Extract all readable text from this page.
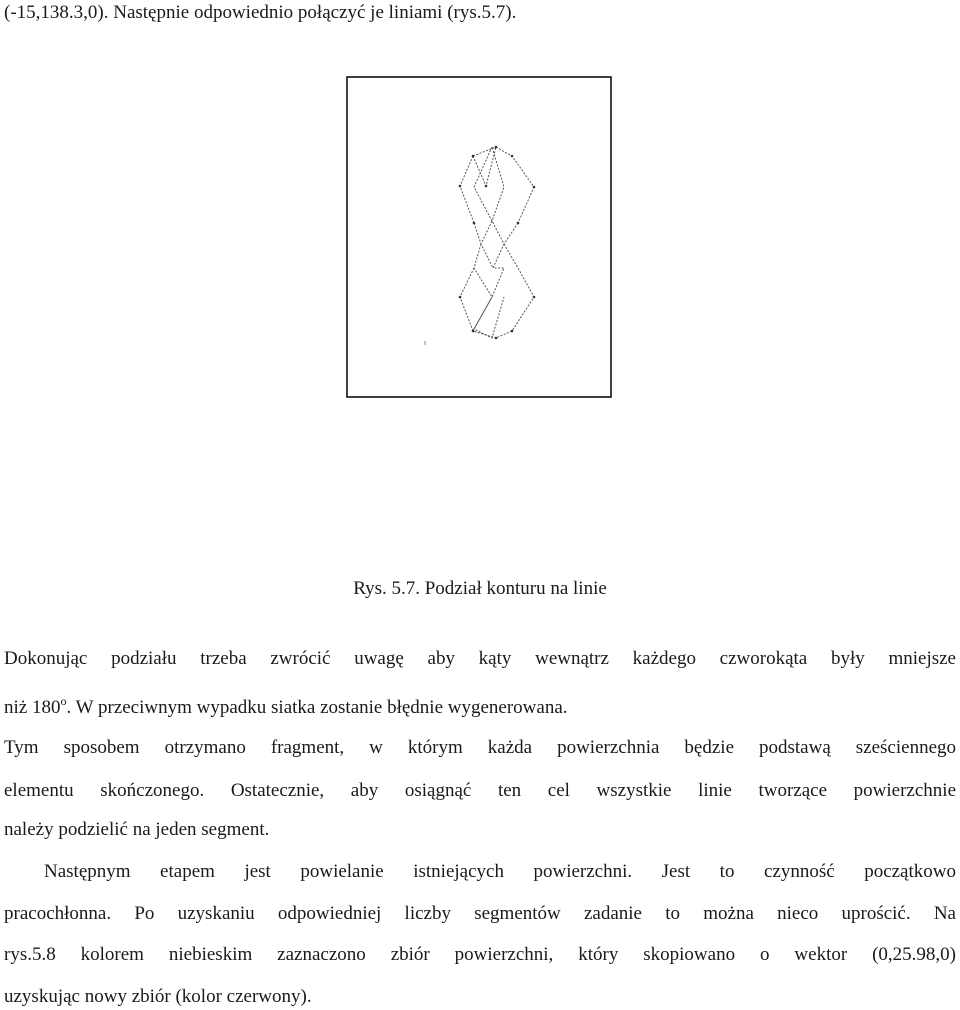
(-15,138.3,0). Następnie odpowiednio połączyć je liniami (rys.5.7).
Rys. 5.7. Podział konturu na linie
Dokonując podziału trzeba zwrócić uwagę aby kąty wewnątrz każdego czworokąta były mniejsze
niż 180$^o$. W przeciwnym wypadku siatka zostanie błędnie wygenerowana.
Tym sposobem otrzymano fragment, w którym każda powierzchnia będzie podstawą sześciennego
elementu skończonego. Ostatecznie, aby osiągnąć ten cel wszystkie linie tworzące powierzchnie
należy podzielić na jeden segment.
Następnym etapem jest powielanie istniejących powierzchni. Jest to czynność początkowo
pracochłonna. Po uzyskaniu odpowiedniej liczby segmentów zadanie to można nieco uprościć. Na
rys.5.8 kolorem niebieskim zaznaczono zbiór powierzchni, który skopiowano o wektor (0,25.98,0)
uzyskując nowy zbiór (kolor czerwony).
